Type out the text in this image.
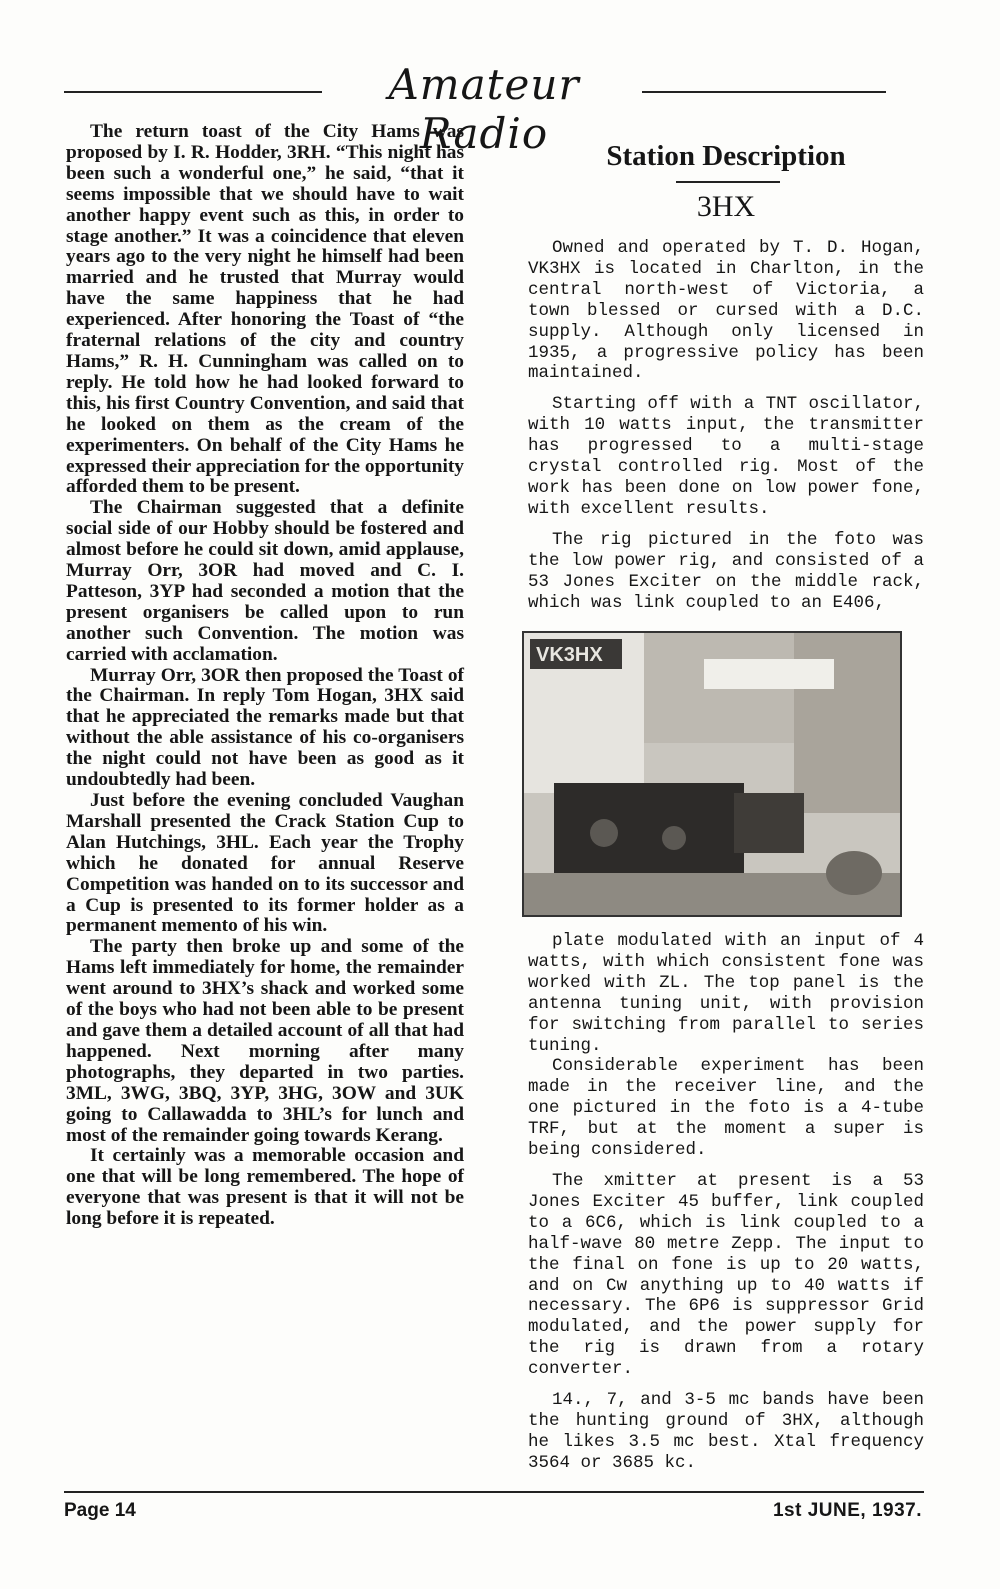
Amateur Radio

The return toast of the City Hams was proposed by I. R. Hodder, 3RH. “This night has been such a wonderful one,” he said, “that it seems impossible that we should have to wait another happy event such as this, in order to stage another.” It was a coincidence that eleven years ago to the very night he himself had been married and he trusted that Murray would have the same happiness that he had experienced. After honoring the Toast of “the fraternal relations of the city and country Hams,” R. H. Cunningham was called on to reply. He told how he had looked forward to this, his first Country Convention, and said that he looked on them as the cream of the experimenters. On behalf of the City Hams he expressed their appreciation for the opportunity afforded them to be present.

The Chairman suggested that a definite social side of our Hobby should be fostered and almost before he could sit down, amid applause, Murray Orr, 3OR had moved and C. I. Patteson, 3YP had seconded a motion that the present organisers be called upon to run another such Convention. The motion was carried with acclamation.

Murray Orr, 3OR then proposed the Toast of the Chairman. In reply Tom Hogan, 3HX said that he appreciated the remarks made but that without the able assistance of his co-organisers the night could not have been as good as it undoubtedly had been.

Just before the evening concluded Vaughan Marshall presented the Crack Station Cup to Alan Hutchings, 3HL. Each year the Trophy which he donated for annual Reserve Competition was handed on to its successor and a Cup is presented to its former holder as a permanent memento of his win.

The party then broke up and some of the Hams left immediately for home, the remainder went around to 3HX’s shack and worked some of the boys who had not been able to be present and gave them a detailed account of all that had happened. Next morning after many photographs, they departed in two parties. 3ML, 3WG, 3BQ, 3YP, 3HG, 3OW and 3UK going to Callawadda to 3HL’s for lunch and most of the remainder going towards Kerang.

It certainly was a memorable occasion and one that will be long remembered. The hope of everyone that was present is that it will not be long before it is repeated.

Station Description
3HX

Owned and operated by T. D. Hogan, VK3HX is located in Charlton, in the central north-west of Victoria, a town blessed or cursed with a D.C. supply. Although only licensed in 1935, a progressive policy has been maintained.

Starting off with a TNT oscillator, with 10 watts input, the transmitter has progressed to a multi-stage crystal controlled rig. Most of the work has been done on low power fone, with excellent results.

The rig pictured in the foto was the low power rig, and consisted of a 53 Jones Exciter on the middle rack, which was link coupled to an E406,

VK3HX

plate modulated with an input of 4 watts, with which consistent fone was worked with ZL. The top panel is the antenna tuning unit, with provision for switching from parallel to series tuning.

Considerable experiment has been made in the receiver line, and the one pictured in the foto is a 4-tube TRF, but at the moment a super is being considered.

The xmitter at present is a 53 Jones Exciter 45 buffer, link coupled to a 6C6, which is link coupled to a half-wave 80 metre Zepp. The input to the final on fone is up to 20 watts, and on Cw anything up to 40 watts if necessary. The 6P6 is suppressor Grid modulated, and the power supply for the rig is drawn from a rotary converter.

14., 7, and 3-5 mc bands have been the hunting ground of 3HX, although he likes 3.5 mc best. Xtal frequency 3564 or 3685 kc.

Page 14	1st JUNE, 1937.
